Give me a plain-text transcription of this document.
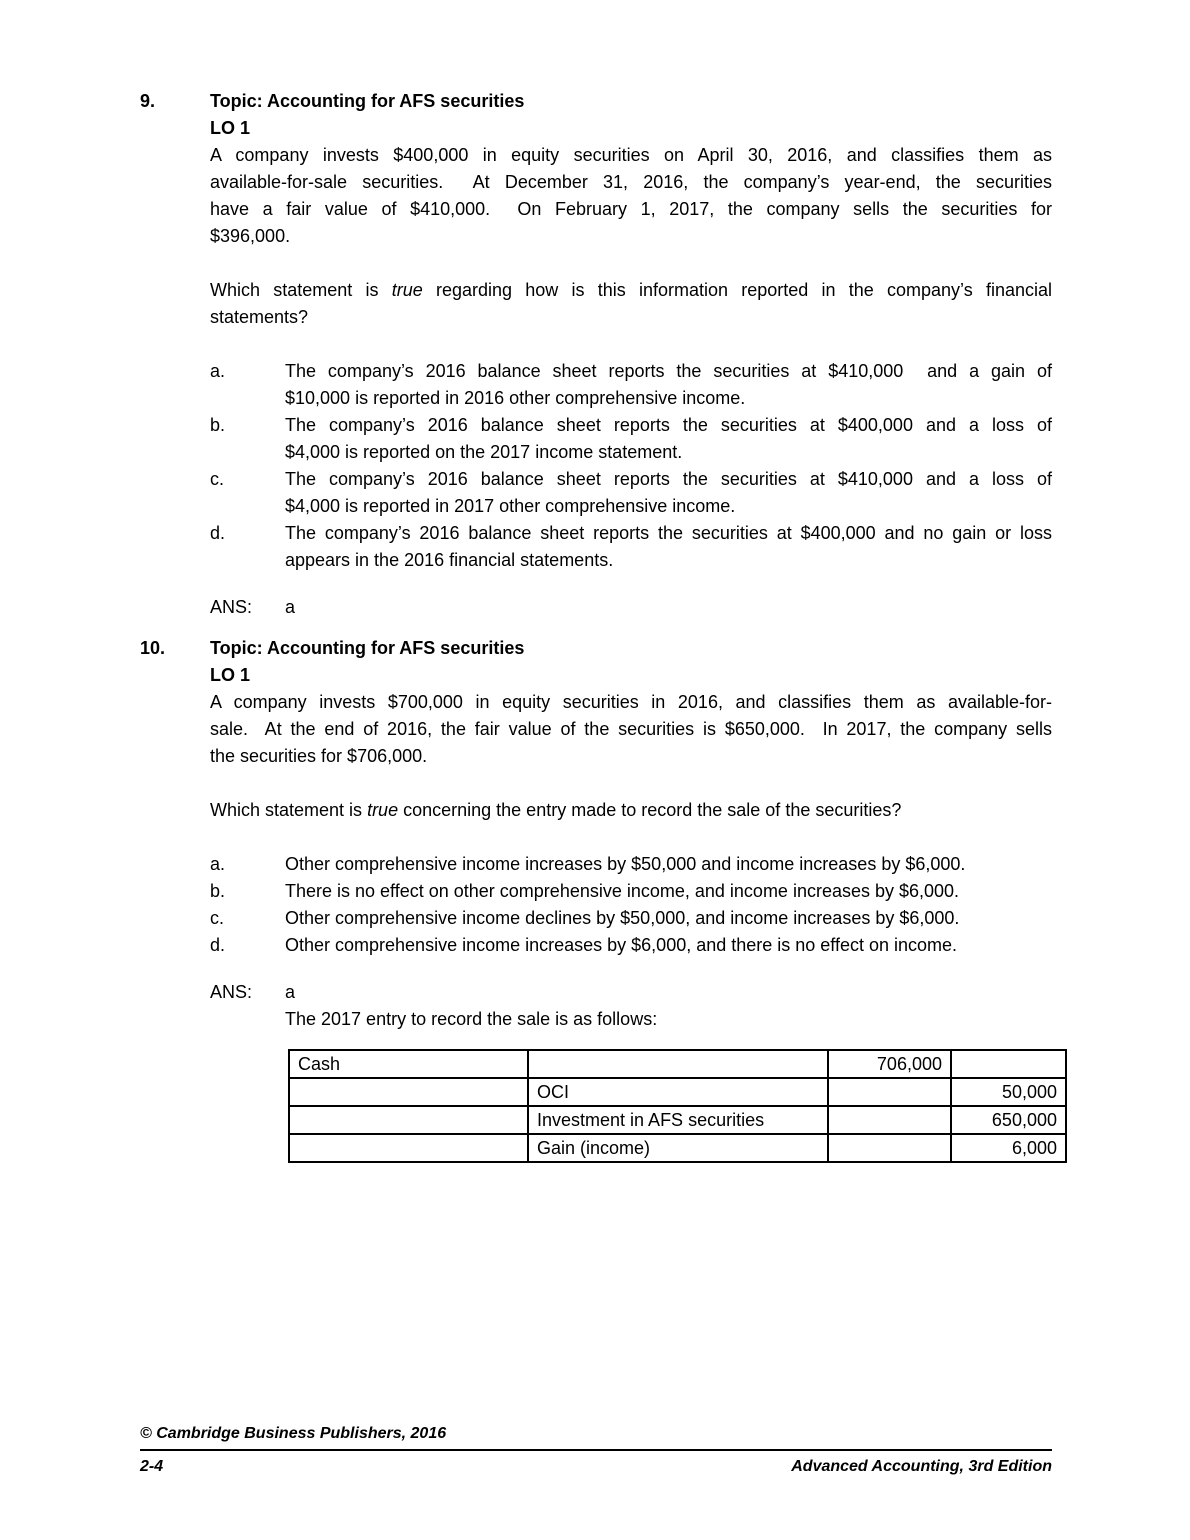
9.	Topic: Accounting for AFS securities
LO 1
A company invests $400,000 in equity securities on April 30, 2016, and classifies them as
available-for-sale securities.  At December 31, 2016, the company’s year-end, the securities
have a fair value of $410,000.  On February 1, 2017, the company sells the securities for
$396,000.
Which statement is true regarding how is this information reported in the company’s financial
statements?
a.	The company’s 2016 balance sheet reports the securities at $410,000  and a gain of
$10,000 is reported in 2016 other comprehensive income.
b.	The company’s 2016 balance sheet reports the securities at $400,000 and a loss of
$4,000 is reported on the 2017 income statement.
c.	The company’s 2016 balance sheet reports the securities at $410,000 and a loss of
$4,000 is reported in 2017 other comprehensive income.
d.	The company’s 2016 balance sheet reports the securities at $400,000 and no gain or loss
appears in the 2016 financial statements.
ANS:	a
10.	Topic: Accounting for AFS securities
LO 1
A company invests $700,000 in equity securities in 2016, and classifies them as available-for-
sale.  At the end of 2016, the fair value of the securities is $650,000.  In 2017, the company sells
the securities for $706,000.
Which statement is true concerning the entry made to record the sale of the securities?
a.	Other comprehensive income increases by $50,000 and income increases by $6,000.
b.	There is no effect on other comprehensive income, and income increases by $6,000.
c.	Other comprehensive income declines by $50,000, and income increases by $6,000.
d.	Other comprehensive income increases by $6,000, and there is no effect on income.
ANS:	a
The 2017 entry to record the sale is as follows:
Cash		706,000	
	OCI		50,000
	Investment in AFS securities		650,000
	Gain (income)		6,000
© Cambridge Business Publishers, 2016
2-4	Advanced Accounting, 3rd Edition
